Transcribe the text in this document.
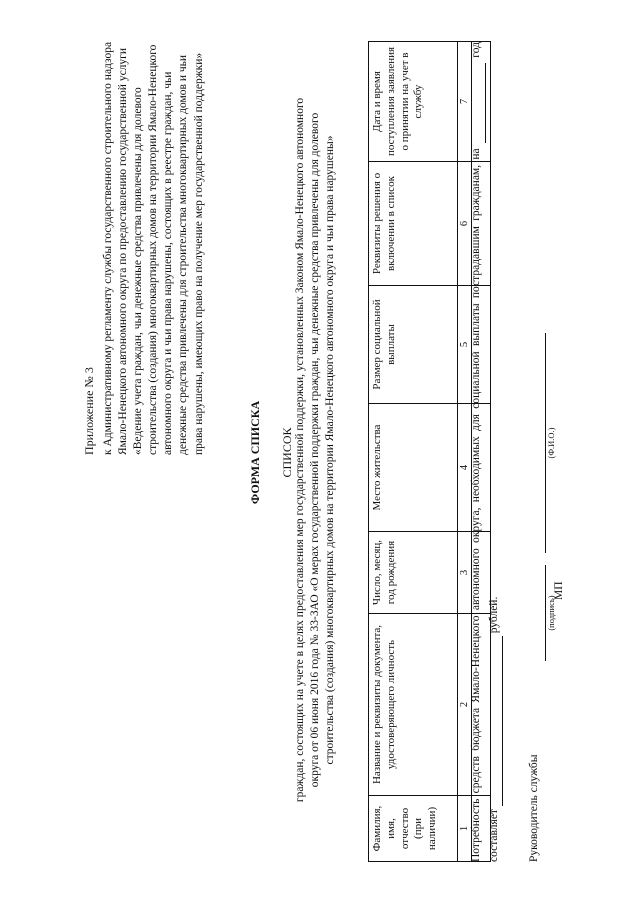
Приложение № 3 к Административному регламенту службы государственного строительного надзора Ямало-Ненецкого автономного округа по предоставлению государственной услуги «Ведение учета граждан, чьи денежные средства привлечены для долевого строительства (создания) многоквартирных домов на территории Ямало-Ненецкого автономного округа и чьи права нарушены, состоящих в реестре граждан, чьи денежные средства привлечены для строительства многоквартирных домов и чьи права нарушены, имеющих право на получение мер государственной поддержки»	ФОРМА СПИСКА СПИСОК граждан, состоящих на учете в целях предоставления мер государственной поддержки, установленных Законом Ямало-Ненецкого автономного округа от 06 июня 2016 года № 33-ЗАО «О мерах государственной поддержки граждан, чьи денежные средства привлечены для долевого строительства (создания) многоквартирных домов на территории Ямало-Ненецкого автономного округа и чьи права нарушены»
Фамилия, имя, отчество (при наличии)	Название и реквизиты документа, удостоверяющего личность	Число, месяц, год рождения	Место жительства	Размер социальной выплаты	Реквизиты решения о включении в список	Дата и время поступления заявления о принятии на учет в службу
1	2	3	4	5	6	7

Потребность средств бюджета Ямало-Ненецкого автономного округа, необходимых для социальной выплаты пострадавшим гражданам, на   год составляет   рублей.
Руководитель службы
(подпись)
(Ф.И.О.)
МП
